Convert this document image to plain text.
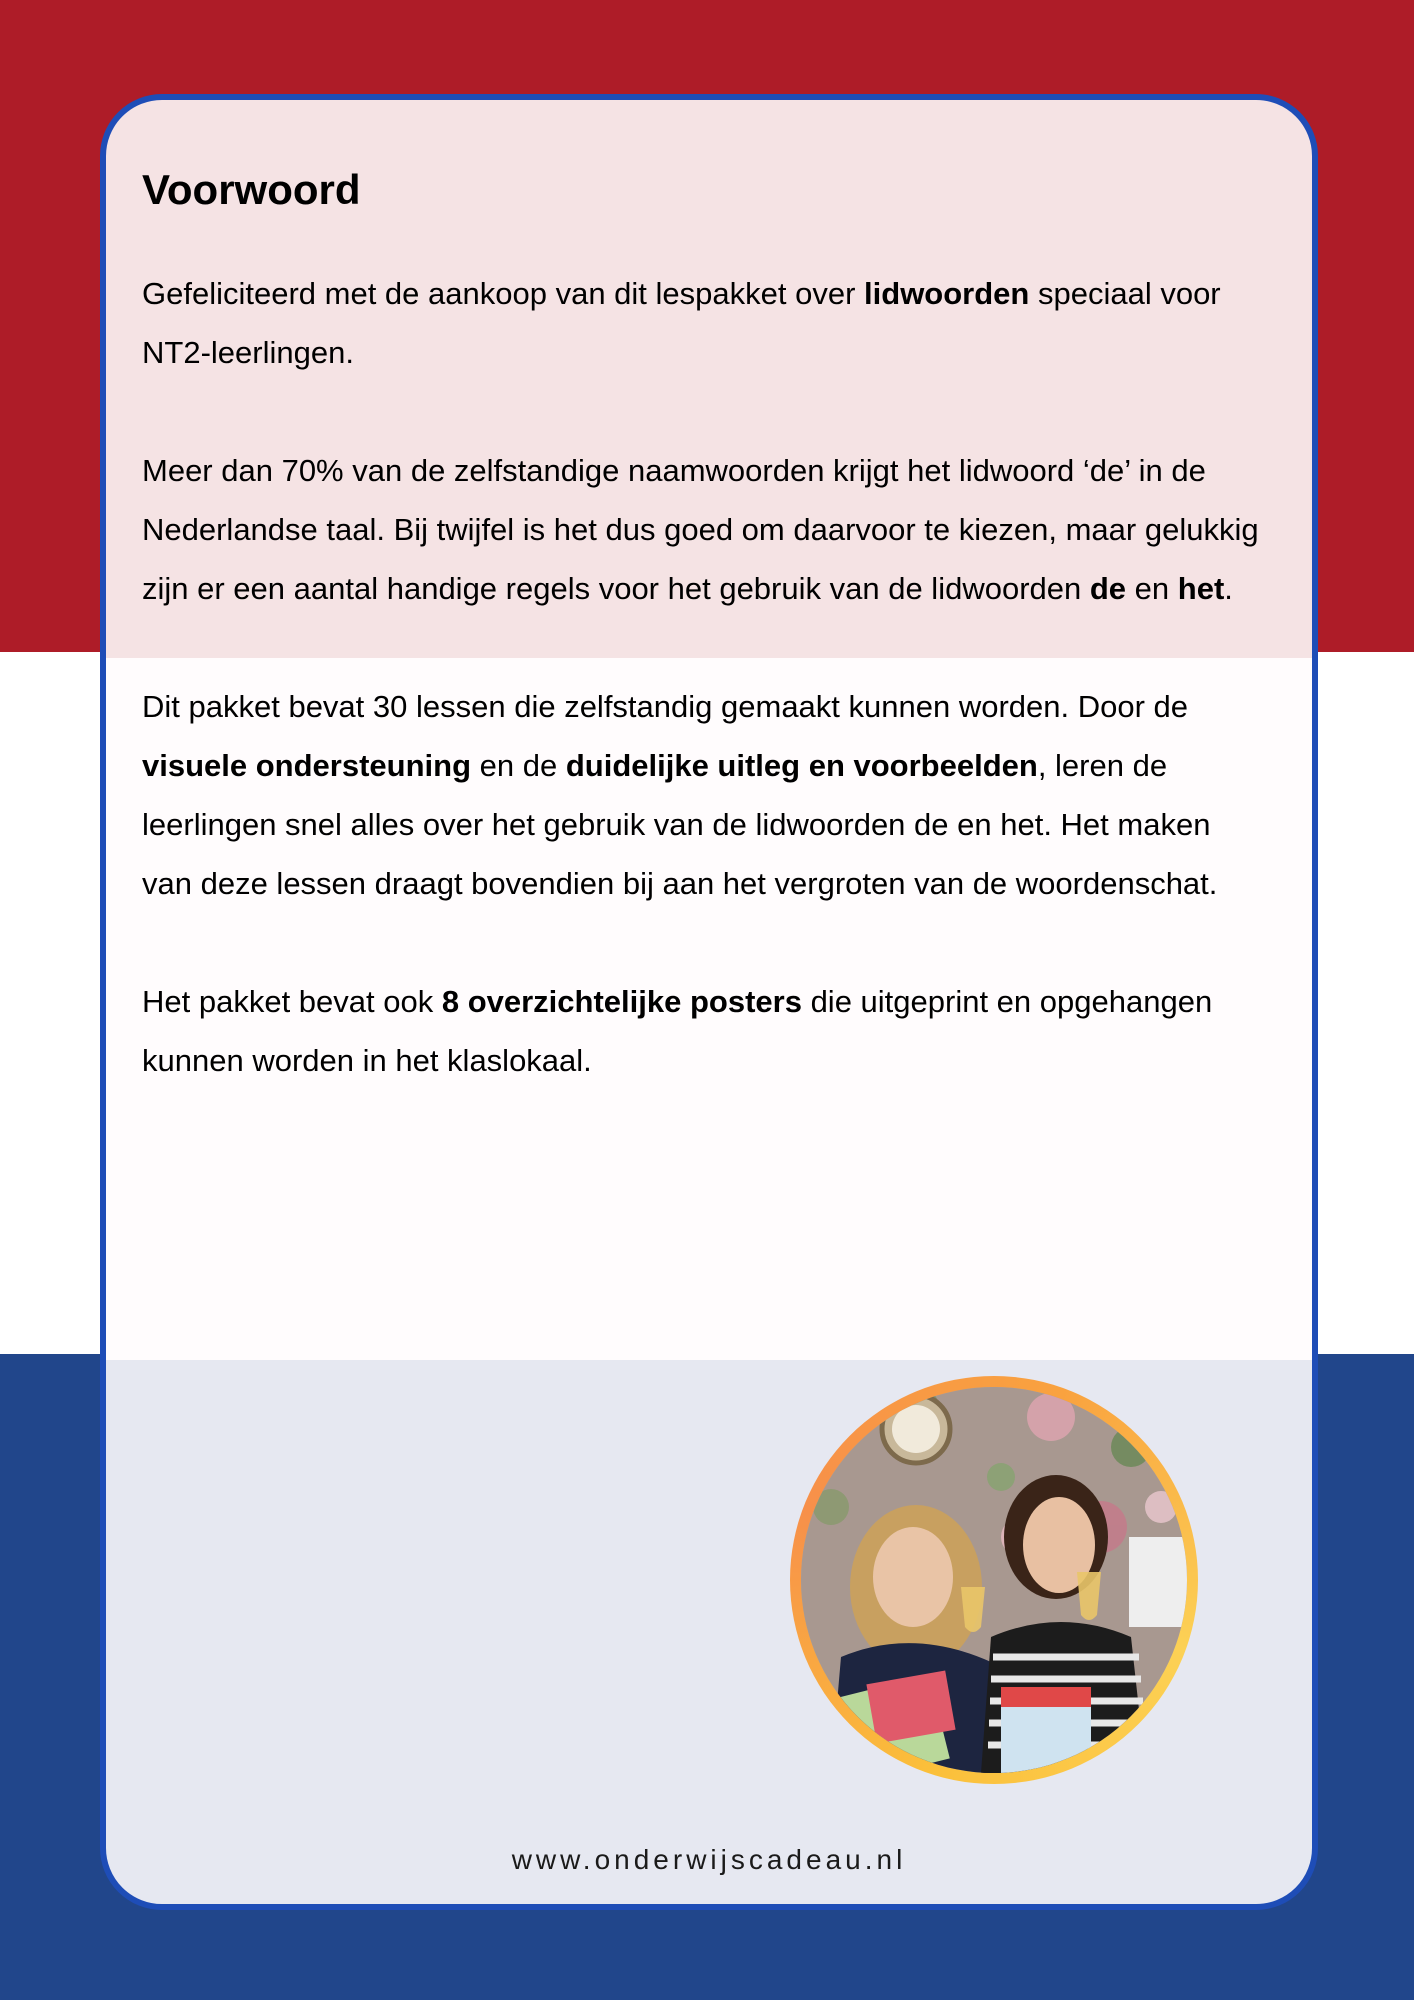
Voorwoord

Gefeliciteerd met de aankoop van dit lespakket over lidwoorden speciaal voor NT2-leerlingen.

Meer dan 70% van de zelfstandige naamwoorden krijgt het lidwoord ‘de’ in de Nederlandse taal. Bij twijfel is het dus goed om daarvoor te kiezen, maar gelukkig zijn er een aantal handige regels voor het gebruik van de lidwoorden de en het.

Dit pakket bevat 30 lessen die zelfstandig gemaakt kunnen worden. Door de visuele ondersteuning en de duidelijke uitleg en voorbeelden, leren de leerlingen snel alles over het gebruik van de lidwoorden de en het. Het maken van deze lessen draagt bovendien bij aan het vergroten van de woordenschat.

Het pakket bevat ook 8 overzichtelijke posters die uitgeprint en opgehangen kunnen worden in het klaslokaal.

www.onderwijscadeau.nl
